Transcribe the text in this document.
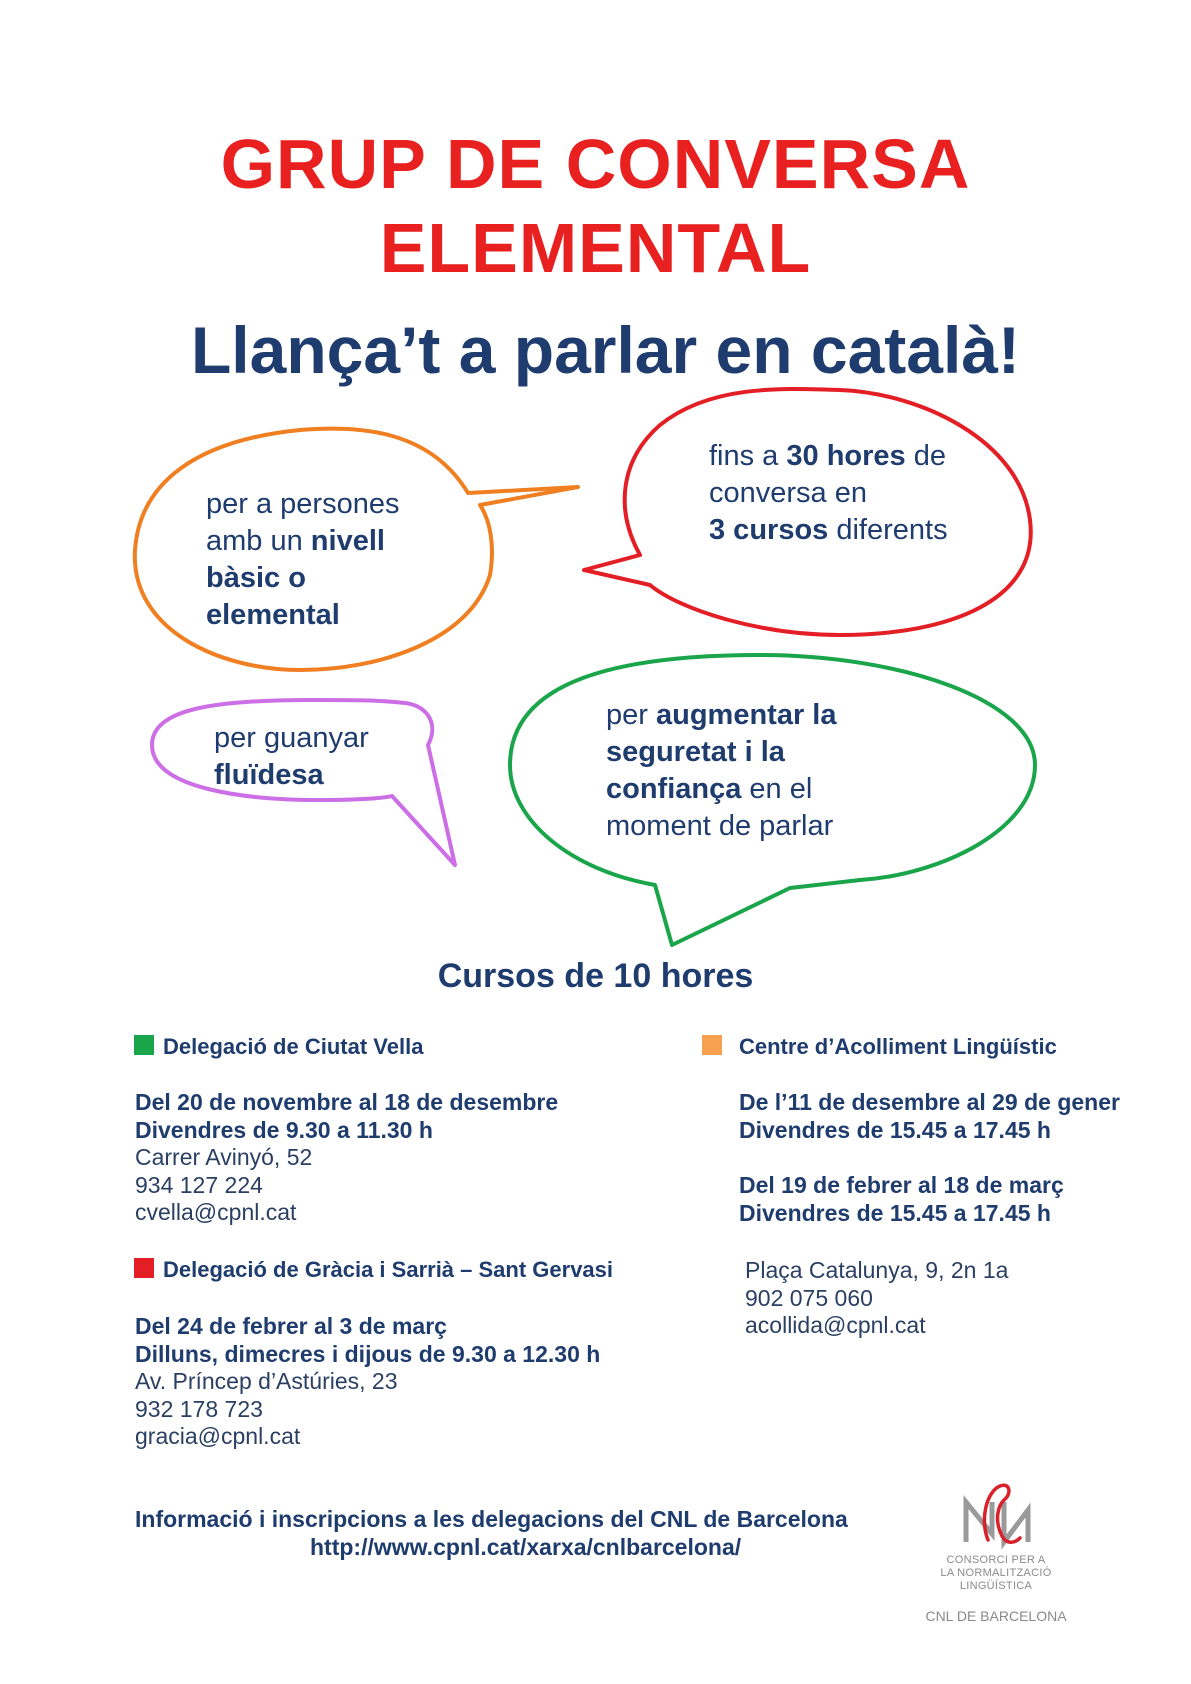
GRUP DE CONVERSA
ELEMENTAL
Llança’t a parlar en català!
per a persones
amb un nivell
bàsic o
elemental
fins a 30 hores de
conversa en
3 cursos diferents
per guanyar
fluïdesa
per augmentar la
seguretat i la
confiança en el
moment de parlar
Cursos de 10 hores
Delegació de Ciutat Vella
Del 20 de novembre al 18 de desembre
Divendres de 9.30 a 11.30 h
Carrer Avinyó, 52
934 127 224
cvella@cpnl.cat
Delegació de Gràcia i Sarrià – Sant Gervasi
Del 24 de febrer al 3 de març
Dilluns, dimecres i dijous de 9.30 a 12.30 h
Av. Príncep d’Astúries, 23
932 178 723
gracia@cpnl.cat
Centre d’Acolliment Lingüístic
De l’11 de desembre al 29 de gener
Divendres de 15.45 a 17.45 h
Del 19 de febrer al 18 de març
Divendres de 15.45 a 17.45 h
Plaça Catalunya, 9, 2n 1a
902 075 060
acollida@cpnl.cat
Informació i inscripcions a les delegacions del CNL de Barcelona
http://www.cpnl.cat/xarxa/cnlbarcelona/	CONSORCI PER A
LA NORMALITZACIÓ
LINGÜÍSTICA
CNL DE BARCELONA
